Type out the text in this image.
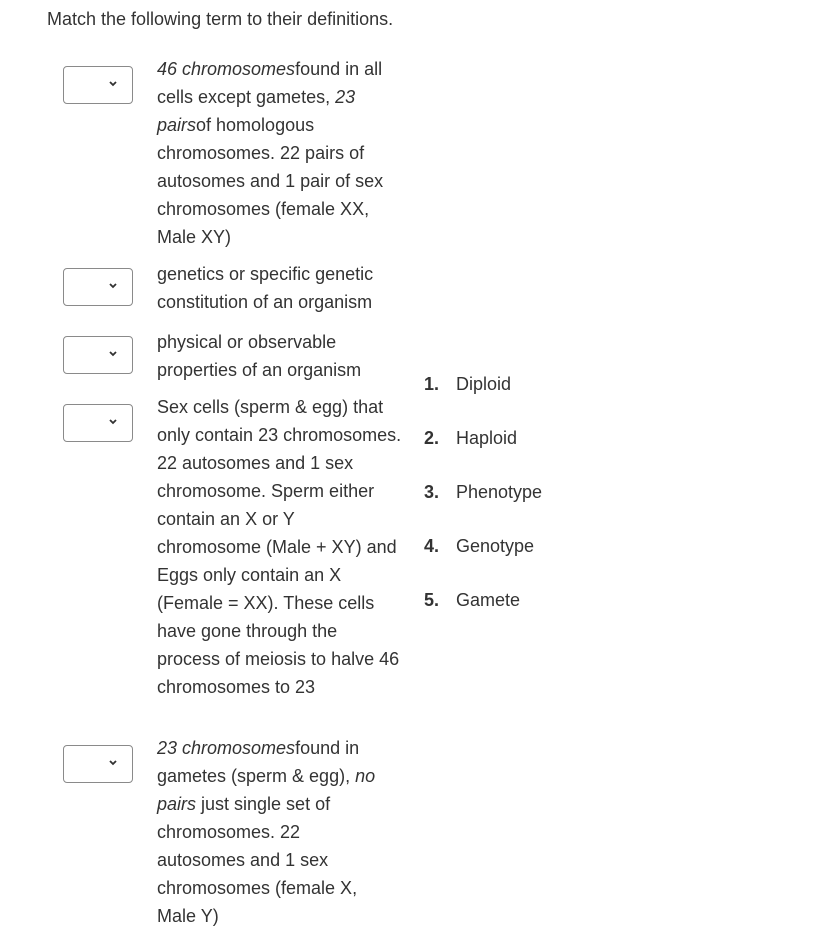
Match the following term to their definitions.

46 chromosomesfound in all cells except gametes, 23 pairsof homologous chromosomes. 22 pairs of autosomes and 1 pair of sex chromosomes (female XX, Male XY)

genetics or specific genetic constitution of an organism

physical or observable properties of an organism

Sex cells (sperm & egg) that only contain 23 chromosomes. 22 autosomes and 1 sex chromosome. Sperm either contain an X or Y chromosome (Male + XY) and Eggs only contain an X (Female = XX). These cells have gone through the process of meiosis to halve 46 chromosomes to 23

23 chromosomesfound in gametes (sperm & egg), no pairs just single set of chromosomes. 22 autosomes and 1 sex chromosomes (female X, Male Y)

1. Diploid
2. Haploid
3. Phenotype
4. Genotype
5. Gamete
